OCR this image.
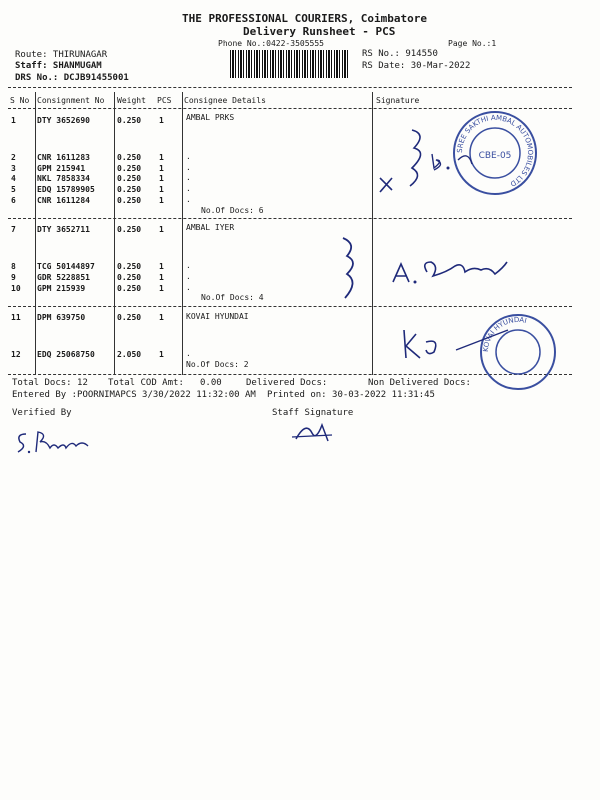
THE PROFESSIONAL COURIERS, Coimbatore
Delivery Runsheet - PCS
Phone No.:0422-3505555	Page No.:1
Route: THIRUNAGAR
Staff: SHANMUGAM
DRS No.: DCJB91455001
RS No.: 914550
RS Date: 30-Mar-2022
S No Consignment No Weight PCS Consignee Details	Signature
1	DTY 3652690	0.250 1	AMBAL PRKS
2	CNR 1611283	0.250 1	.
3	GPM 215941	0.250 1	.
4	NKL 7858334	0.250 1	.
5	EDQ 15789905	0.250 1	.
6	CNR 1611284	0.250 1	.
No.Of Docs: 6
7	DTY 3652711	0.250 1	AMBAL IYER
8	TCG 50144897	0.250 1	.
9	GDR 5228851	0.250 1	.
10 GPM 215939	0.250 1	.
No.Of Docs: 4
11 DPM 639750	0.250 1	KOVAI HYUNDAI
12 EDQ 25068750	2.050 1	.
No.Of Docs: 2
Total Docs: 12 Total COD Amt: 0.00	Delivered Docs:	Non Delivered Docs:
Entered By :POORNIMAPCS 3/30/2022 11:32:00 AM Printed on: 30-03-2022 11:31:45
Verified By	Staff Signature
SREE SAKTHI AMBAL AUTOMOBILES LTD
CBE-05
KOVAI HYUNDAI
